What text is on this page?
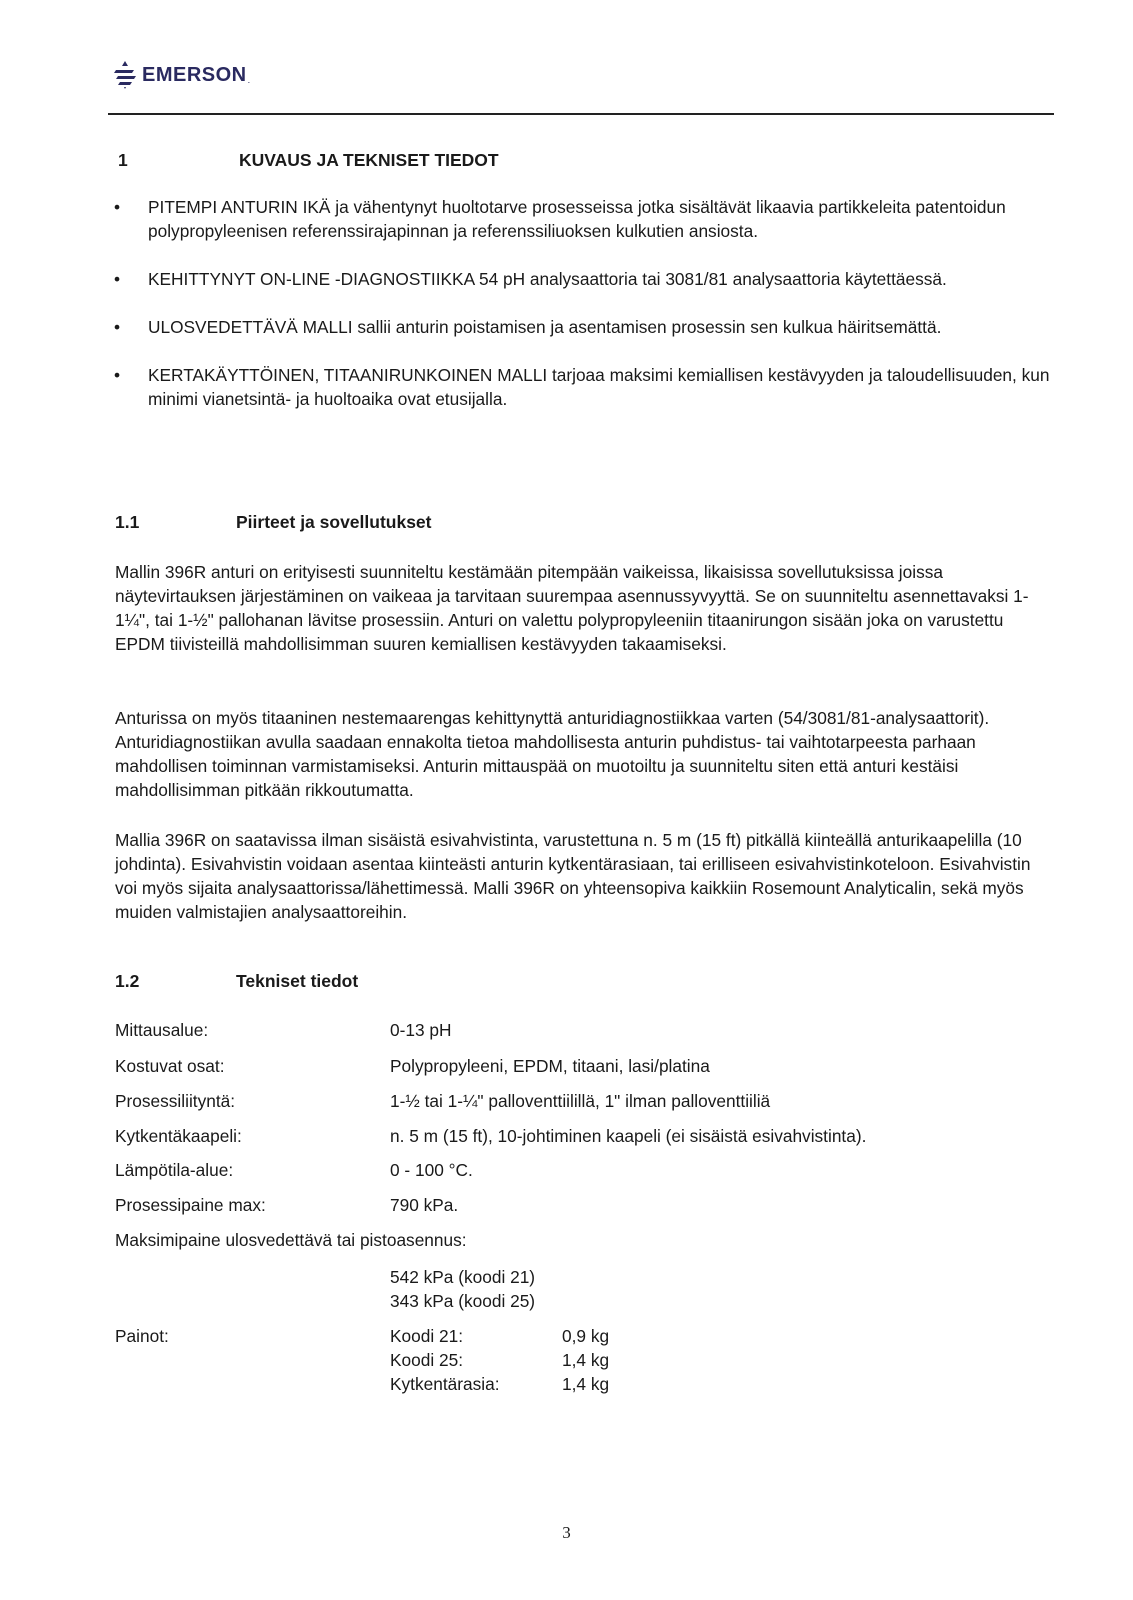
EMERSON .
1	KUVAUS JA TEKNISET TIEDOT
• PITEMPI ANTURIN IKÄ ja vähentynyt huoltotarve prosesseissa jotka sisältävät likaavia partikkeleita patentoidun polypropyleenisen referenssirajapinnan ja referenssiliuoksen kulkutien ansiosta.
• KEHITTYNYT ON-LINE -DIAGNOSTIIKKA 54 pH analysaattoria tai 3081/81 analysaattoria käytettäessä.
• ULOSVEDETTÄVÄ MALLI sallii anturin poistamisen ja asentamisen prosessin sen kulkua häiritsemättä.
• KERTAKÄYTTÖINEN, TITAANIRUNKOINEN MALLI tarjoaa maksimi kemiallisen kestävyyden ja taloudellisuuden, kun minimi vianetsintä- ja huoltoaika ovat etusijalla.
1.1	Piirteet ja sovellutukset

Mallin 396R anturi on erityisesti suunniteltu kestämään pitempään vaikeissa, likaisissa sovellutuksissa joissa näytevirtauksen järjestäminen on vaikeaa ja tarvitaan suurempaa asennussyvyyttä. Se on suunniteltu asennettavaksi 1-1¼", tai 1-½" pallohanan lävitse prosessiin. Anturi on valettu polypropyleeniin titaanirungon sisään joka on varustettu EPDM tiivisteillä mahdollisimman suuren kemiallisen kestävyyden takaamiseksi.

Anturissa on myös titaaninen nestemaarengas kehittynyttä anturidiagnostiikkaa varten (54/3081/81-analysaattorit). Anturidiagnostiikan avulla saadaan ennakolta tietoa mahdollisesta anturin puhdistus- tai vaihtotarpeesta parhaan mahdollisen toiminnan varmistamiseksi. Anturin mittauspää on muotoiltu ja suunniteltu siten että anturi kestäisi mahdollisimman pitkään rikkoutumatta.

Mallia 396R on saatavissa ilman sisäistä esivahvistinta, varustettuna n. 5 m (15 ft) pitkällä kiinteällä anturikaapelilla (10 johdinta). Esivahvistin voidaan asentaa kiinteästi anturin kytkentärasiaan, tai erilliseen esivahvistinkoteloon. Esivahvistin voi myös sijaita analysaattorissa/lähettimessä. Malli 396R on yhteensopiva kaikkiin Rosemount Analyticalin, sekä myös muiden valmistajien analysaattoreihin.

1.2	Tekniset tiedot
Mittausalue:	0-13 pH
Kostuvat osat:	Polypropyleeni, EPDM, titaani, lasi/platina
Prosessiliityntä:	1-½ tai 1-¼" palloventtiilillä, 1" ilman palloventtiiliä
Kytkentäkaapeli:	n. 5 m (15 ft), 10-johtiminen kaapeli (ei sisäistä esivahvistinta).
Lämpötila-alue:	0 - 100 °C.
Prosessipaine max:	790 kPa.
Maksimipaine ulosvedettävä tai pistoasennus:
542 kPa (koodi 21)
343 kPa (koodi 25)
Painot:	Koodi 21:	0,9 kg
Koodi 25:	1,4 kg
Kytkentärasia:	1,4 kg
3
